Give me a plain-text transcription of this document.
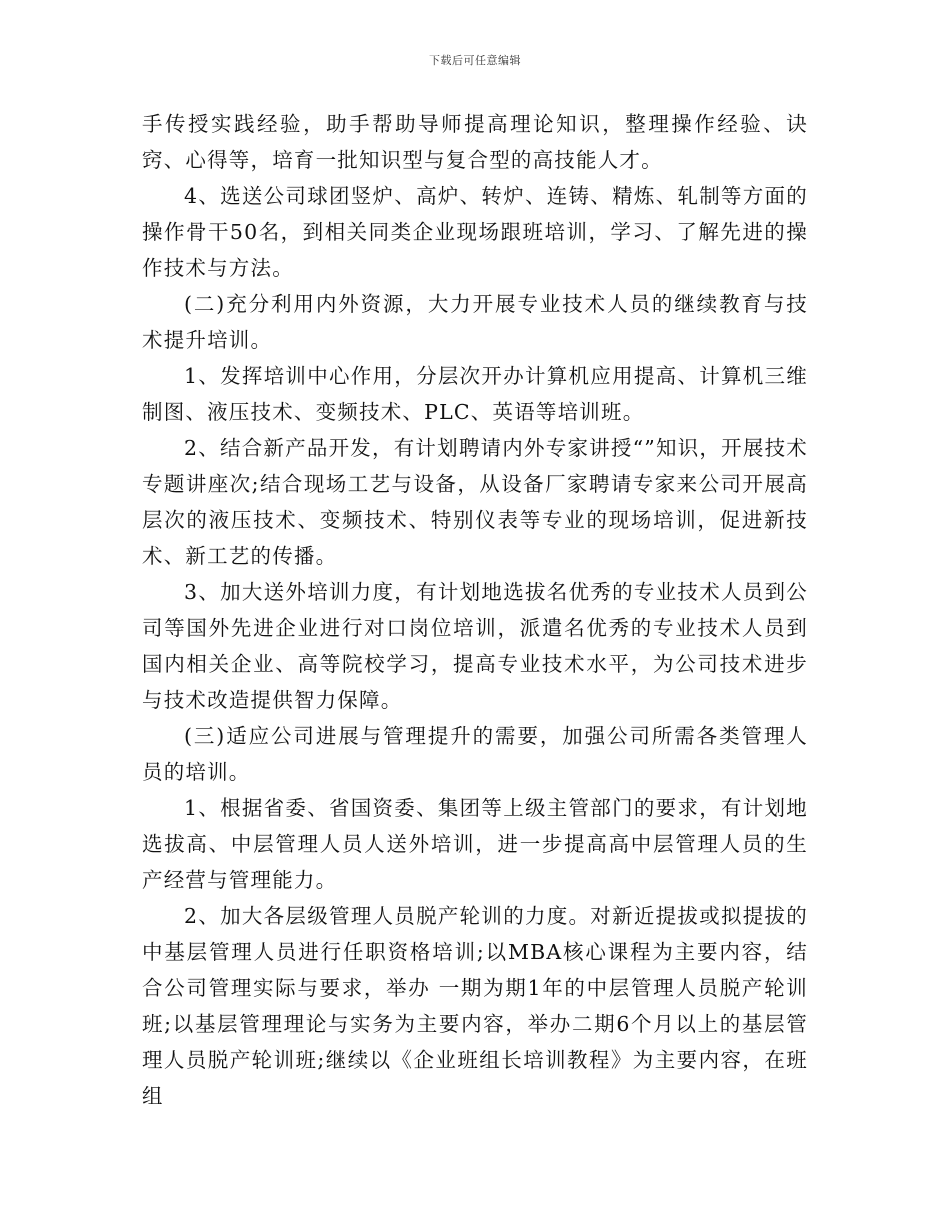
下载后可任意编辑

手传授实践经验，助手帮助导师提高理论知识，整理操作经验、诀窍、心得等，培育一批知识型与复合型的高技能人才。

4、选送公司球团竖炉、高炉、转炉、连铸、精炼、轧制等方面的操作骨干50名，到相关同类企业现场跟班培训，学习、了解先进的操作技术与方法。

(二)充分利用内外资源，大力开展专业技术人员的继续教育与技术提升培训。

1、发挥培训中心作用，分层次开办计算机应用提高、计算机三维制图、液压技术、变频技术、PLC、英语等培训班。

2、结合新产品开发，有计划聘请内外专家讲授“”知识，开展技术专题讲座次;结合现场工艺与设备，从设备厂家聘请专家来公司开展高层次的液压技术、变频技术、特别仪表等专业的现场培训，促进新技术、新工艺的传播。

3、加大送外培训力度，有计划地选拔名优秀的专业技术人员到公司等国外先进企业进行对口岗位培训，派遣名优秀的专业技术人员到国内相关企业、高等院校学习，提高专业技术水平，为公司技术进步与技术改造提供智力保障。

(三)适应公司进展与管理提升的需要，加强公司所需各类管理人员的培训。

1、根据省委、省国资委、集团等上级主管部门的要求，有计划地选拔高、中层管理人员人送外培训，进一步提高高中层管理人员的生产经营与管理能力。

2、加大各层级管理人员脱产轮训的力度。对新近提拔或拟提拔的中基层管理人员进行任职资格培训;以MBA核心课程为主要内容，结合公司管理实际与要求，举办 一期为期1年的中层管理人员脱产轮训班;以基层管理理论与实务为主要内容，举办二期6个月以上的基层管理人员脱产轮训班;继续以《企业班组长培训教程》为主要内容，在班组
